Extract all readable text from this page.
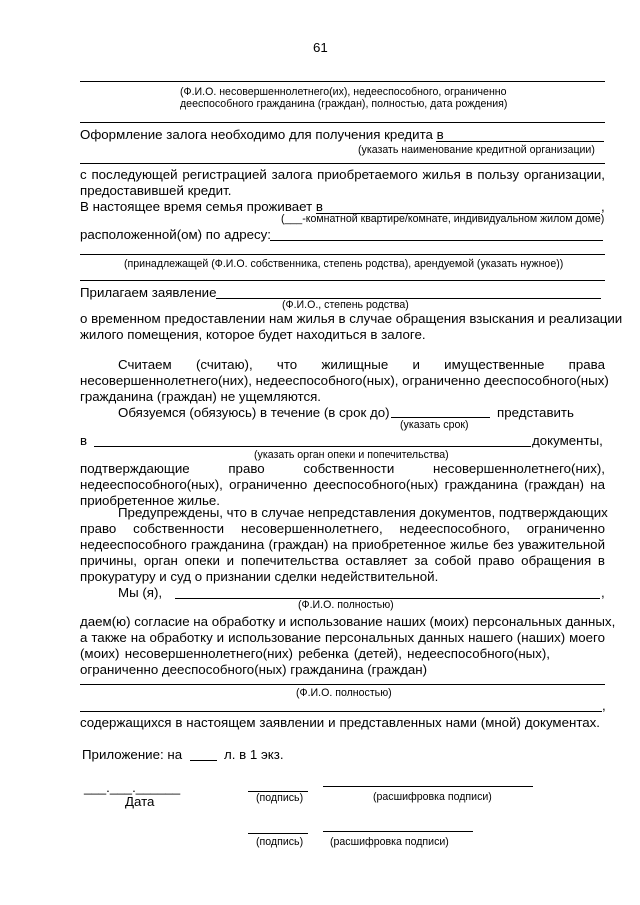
61
(Ф.И.О. несовершеннолетнего(их), недееспособного, ограниченно
дееспособного гражданина (граждан), полностью, дата рождения)
Оформление залога необходимо для получения кредита в
(указать наименование кредитной организации)
с последующей регистрацией залога приобретаемого жилья в пользу организации,
предоставившей кредит.
В настоящее время семья проживает в	,
(___-комнатной квартире/комнате, индивидуальном жилом доме)
расположенной(ом) по адресу:
(принадлежащей (Ф.И.О. собственника, степень родства), арендуемой (указать нужное))
Прилагаем заявление
(Ф.И.О., степень родства)
о временном предоставлении нам жилья в случае обращения взыскания и реализации
жилого помещения, которое будет находиться в залоге.
Считаем (считаю), что жилищные и имущественные права
несовершеннолетнего(них), недееспособного(ных), ограниченно дееспособного(ных)
гражданина (граждан) не ущемляются.
Обязуемся (обязуюсь) в течение (в срок до)	представить
(указать срок)
в	документы,
(указать орган опеки и попечительства)
подтверждающие право собственности несовершеннолетнего(них),
недееспособного(ных), ограниченно дееспособного(ных) гражданина (граждан) на
приобретенное жилье.
Предупреждены, что в случае непредставления документов, подтверждающих
право собственности несовершеннолетнего, недееспособного, ограниченно
недееспособного гражданина (граждан) на приобретенное жилье без уважительной
причины, орган опеки и попечительства оставляет за собой право обращения в
прокуратуру и суд о признании сделки недействительной.
Мы (я),	,
(Ф.И.О. полностью)
даем(ю) согласие на обработку и использование наших (моих) персональных данных,
а также на обработку и использование персональных данных нашего (наших) моего
(моих) несовершеннолетнего(них) ребенка (детей), недееспособного(ных),
ограниченно дееспособного(ных) гражданина (граждан)
(Ф.И.О. полностью)
,
содержащихся в настоящем заявлении и представленных нами (мной) документах.
Приложение: на	л. в 1 экз.
___.___.______
Дата	(подпись)	(расшифровка подписи)
(подпись)	(расшифровка подписи)
